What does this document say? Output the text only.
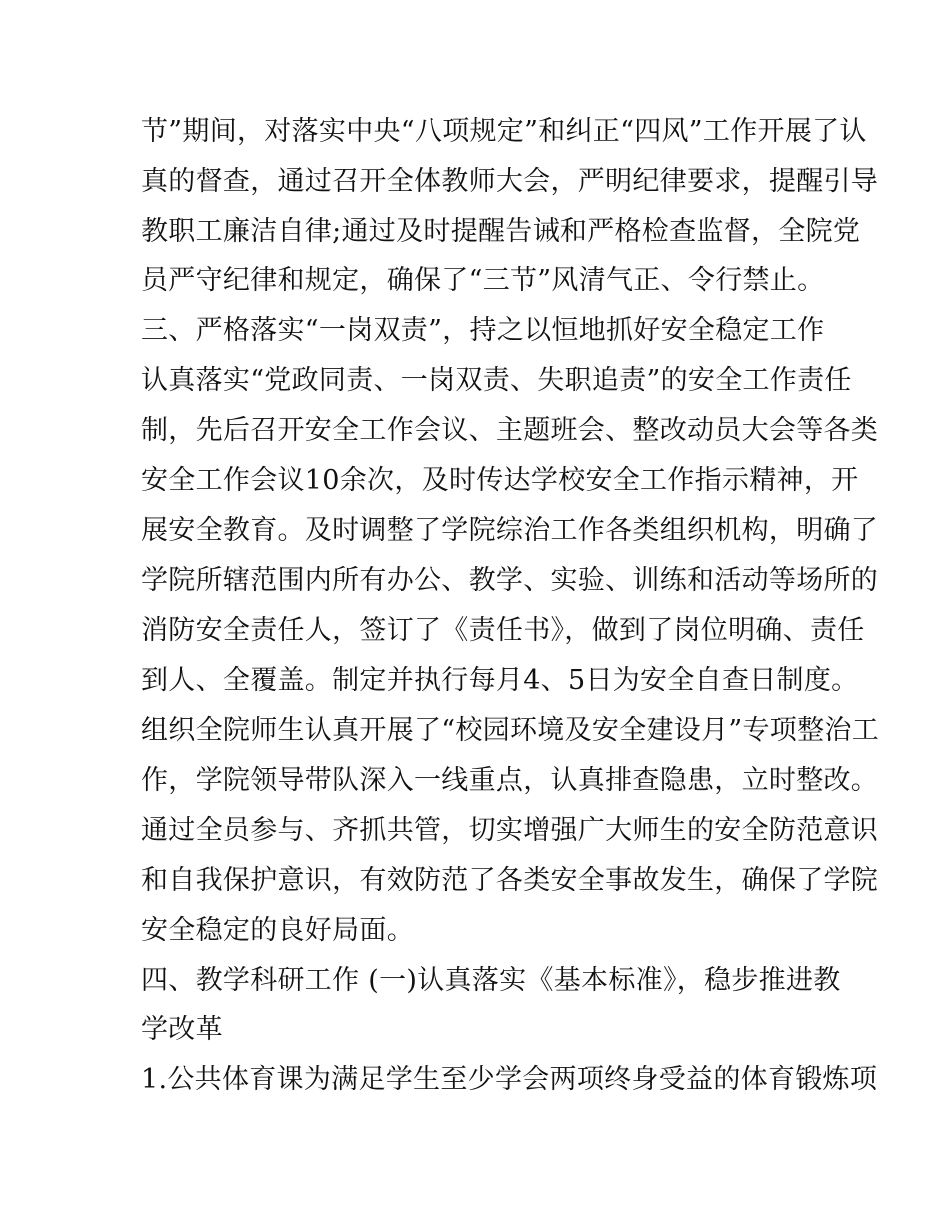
节”期间，对落实中央“八项规定”和纠正“四风”工作开展了认
真的督查，通过召开全体教师大会，严明纪律要求，提醒引导
教职工廉洁自律;通过及时提醒告诫和严格检查监督，全院党
员严守纪律和规定，确保了“三节”风清气正、令行禁止。
三、严格落实“一岗双责”，持之以恒地抓好安全稳定工作
认真落实“党政同责、一岗双责、失职追责”的安全工作责任
制，先后召开安全工作会议、主题班会、整改动员大会等各类
安全工作会议10余次，及时传达学校安全工作指示精神，开
展安全教育。及时调整了学院综治工作各类组织机构，明确了
学院所辖范围内所有办公、教学、实验、训练和活动等场所的
消防安全责任人，签订了《责任书》，做到了岗位明确、责任
到人、全覆盖。制定并执行每月4、5日为安全自查日制度。
组织全院师生认真开展了“校园环境及安全建设月”专项整治工
作，学院领导带队深入一线重点，认真排查隐患，立时整改。
通过全员参与、齐抓共管，切实增强广大师生的安全防范意识
和自我保护意识，有效防范了各类安全事故发生，确保了学院
安全稳定的良好局面。
四、教学科研工作 (一)认真落实《基本标准》，稳步推进教
学改革
1.公共体育课为满足学生至少学会两项终身受益的体育锻炼项
